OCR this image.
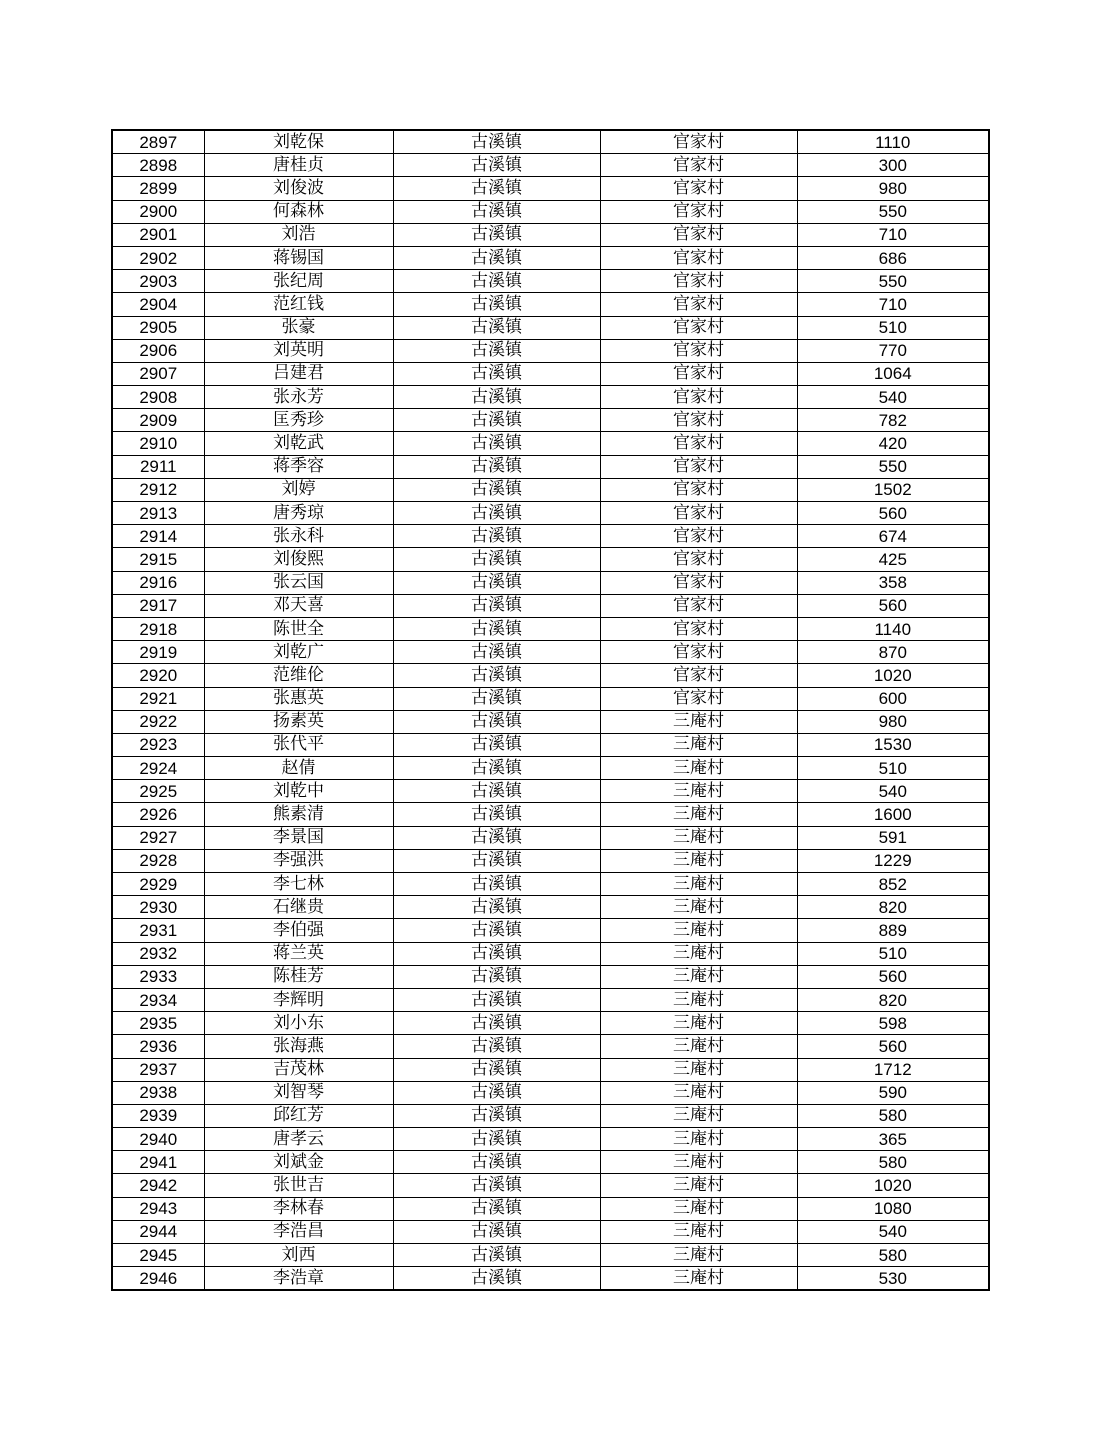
2897	刘乾保	古溪镇	官家村	1110
2898	唐桂贞	古溪镇	官家村	300
2899	刘俊波	古溪镇	官家村	980
2900	何森林	古溪镇	官家村	550
2901	刘浩	古溪镇	官家村	710
2902	蒋锡国	古溪镇	官家村	686
2903	张纪周	古溪镇	官家村	550
2904	范红钱	古溪镇	官家村	710
2905	张豪	古溪镇	官家村	510
2906	刘英明	古溪镇	官家村	770
2907	吕建君	古溪镇	官家村	1064
2908	张永芳	古溪镇	官家村	540
2909	匡秀珍	古溪镇	官家村	782
2910	刘乾武	古溪镇	官家村	420
2911	蒋季容	古溪镇	官家村	550
2912	刘婷	古溪镇	官家村	1502
2913	唐秀琼	古溪镇	官家村	560
2914	张永科	古溪镇	官家村	674
2915	刘俊熙	古溪镇	官家村	425
2916	张云国	古溪镇	官家村	358
2917	邓天喜	古溪镇	官家村	560
2918	陈世全	古溪镇	官家村	1140
2919	刘乾广	古溪镇	官家村	870
2920	范维伦	古溪镇	官家村	1020
2921	张惠英	古溪镇	官家村	600
2922	扬素英	古溪镇	三庵村	980
2923	张代平	古溪镇	三庵村	1530
2924	赵倩	古溪镇	三庵村	510
2925	刘乾中	古溪镇	三庵村	540
2926	熊素清	古溪镇	三庵村	1600
2927	李景国	古溪镇	三庵村	591
2928	李强洪	古溪镇	三庵村	1229
2929	李七林	古溪镇	三庵村	852
2930	石继贵	古溪镇	三庵村	820
2931	李伯强	古溪镇	三庵村	889
2932	蒋兰英	古溪镇	三庵村	510
2933	陈桂芳	古溪镇	三庵村	560
2934	李辉明	古溪镇	三庵村	820
2935	刘小东	古溪镇	三庵村	598
2936	张海燕	古溪镇	三庵村	560
2937	吉茂林	古溪镇	三庵村	1712
2938	刘智琴	古溪镇	三庵村	590
2939	邱红芳	古溪镇	三庵村	580
2940	唐孝云	古溪镇	三庵村	365
2941	刘斌金	古溪镇	三庵村	580
2942	张世吉	古溪镇	三庵村	1020
2943	李林春	古溪镇	三庵村	1080
2944	李浩昌	古溪镇	三庵村	540
2945	刘西	古溪镇	三庵村	580
2946	李浩章	古溪镇	三庵村	530
